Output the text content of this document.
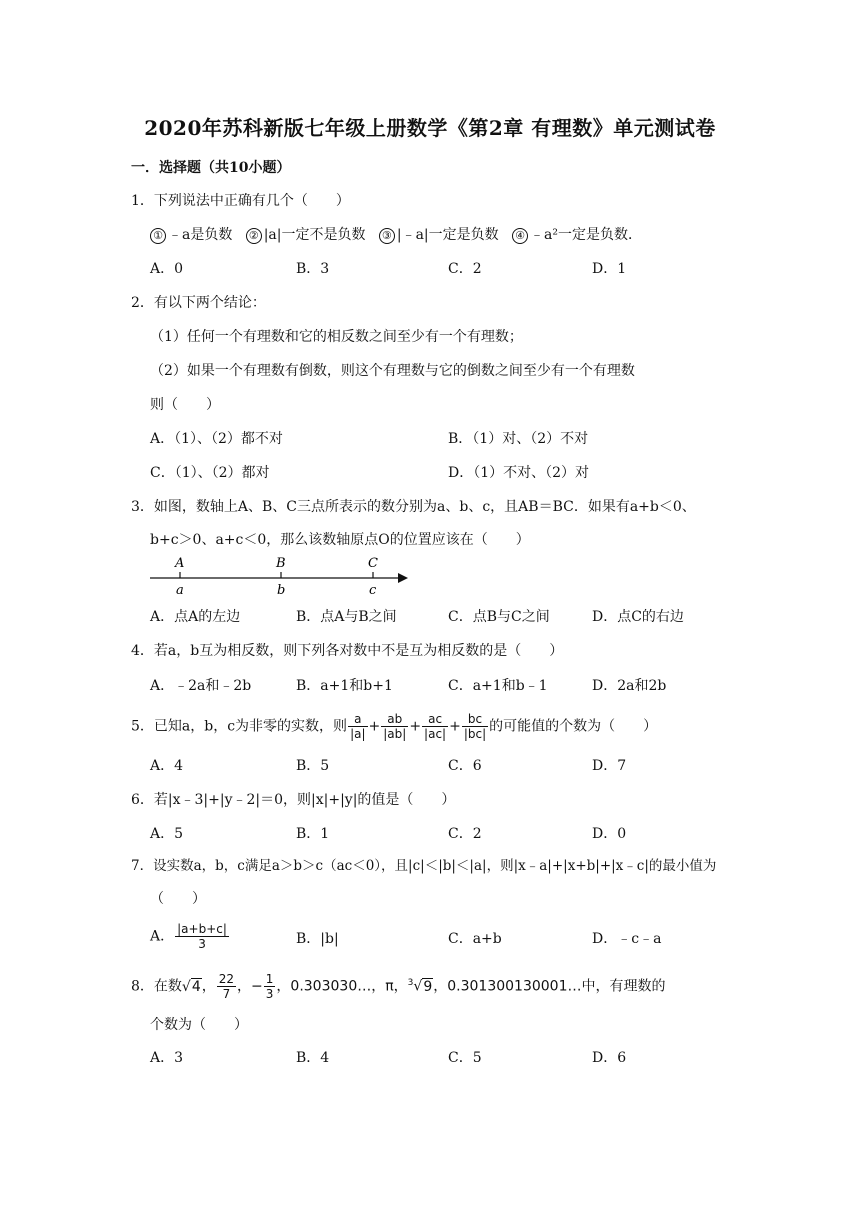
2020年苏科新版七年级上册数学《第2章 有理数》单元测试卷
一．选择题（共10小题）
1．下列说法中正确有几个（　　）
① ﹣a是负数 ② |a|一定不是负数 ③ |﹣a|一定是负数 ④ ﹣a²一定是负数．
A．0	B．3	C．2	D．1
2．有以下两个结论：
（1）任何一个有理数和它的相反数之间至少有一个有理数；
（2）如果一个有理数有倒数，则这个有理数与它的倒数之间至少有一个有理数
则（　　）
A．（1）、（2）都不对	B．（1）对、（2）不对
C．（1）、（2）都对	D．（1）不对、（2）对
3．如图，数轴上A、B、C三点所表示的数分别为a、b、c，且AB＝BC．如果有a+b＜0、
b+c＞0、a+c＜0，那么该数轴原点O的位置应该在（　　）
A	B	C
a	b	c
A．点A的左边	B．点A与B之间	C．点B与C之间	D．点C的右边
4．若a，b互为相反数，则下列各对数中不是互为相反数的是（　　）
A．﹣2a和﹣2b	B．a+1和b+1	C．a+1和b﹣1	D．2a和2b
5．已知a，b，c为非零的实数，则 $\frac{a}{|a|} + \frac{ab}{|ab|} + \frac{ac}{|ac|} + \frac{bc}{|bc|}$ 的可能值的个数为（　　）
A．4	B．5	C．6	D．7
6．若|x﹣3|+|y﹣2|＝0，则|x|+|y|的值是（　　）
A．5	B．1	C．2	D．0
7．设实数a，b，c满足a＞b＞c（ac＜0），且|c|＜|b|＜|a|，则|x﹣a|+|x+b|+|x﹣c|的最小值为
（　　）
A． $\frac{|a+b+c|}{3}$	B．|b|	C．a+b	D．﹣c﹣a
8．在数√4， $\frac{22}{7}$ ，− $\frac{1}{3}$ ，0.303030…，π，$^3$√9，0.301300130001…中，有理数的
个数为（　　）
A．3	B．4	C．5	D．6
